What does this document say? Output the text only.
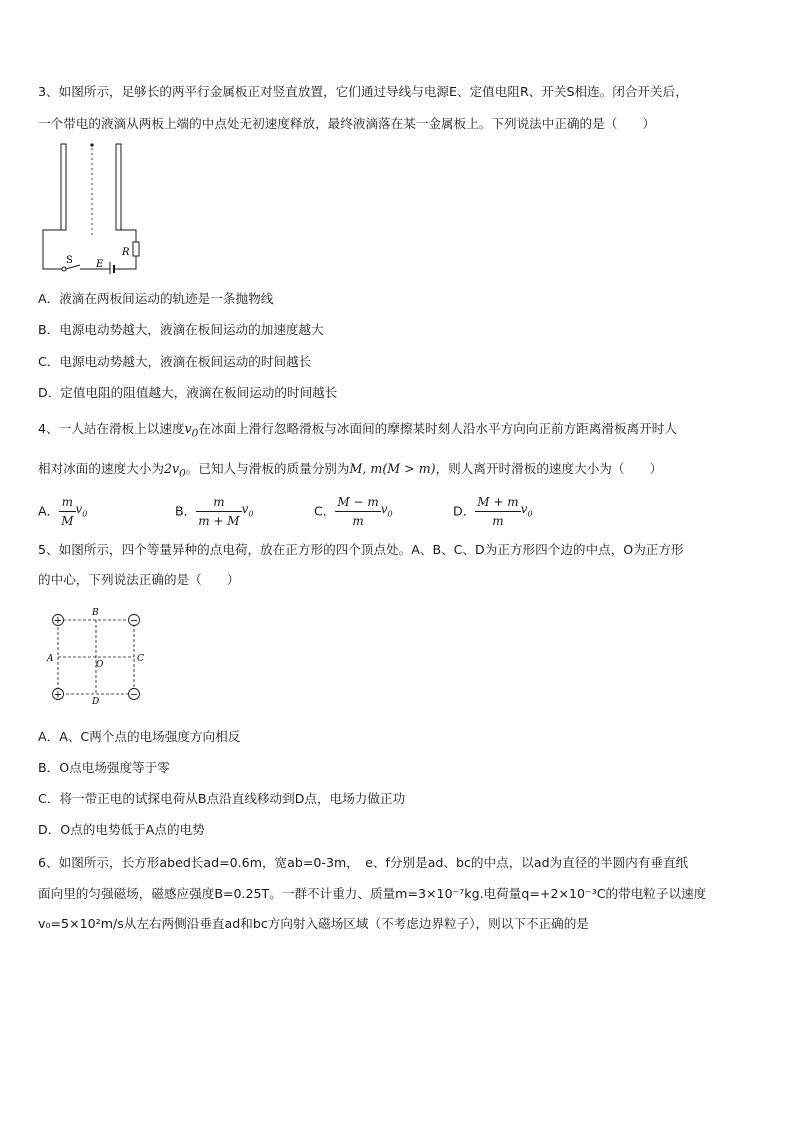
3、如图所示，足够长的两平行金属板正对竖直放置，它们通过导线与电源E、定值电阻R、开关S相连。闭合开关后，
一个带电的液滴从两板上端的中点处无初速度释放，最终液滴落在某一金属板上。下列说法中正确的是（　　）
S E
R
A．液滴在两板间运动的轨迹是一条抛物线
B．电源电动势越大，液滴在板间运动的加速度越大
C．电源电动势越大，液滴在板间运动的时间越长
D．定值电阻的阻值越大，液滴在板间运动的时间越长
4、一人站在滑板上以速度$v_0$在冰面上滑行忽略滑板与冰面间的摩擦某时刻人沿水平方向向正前方距离滑板离开时人
相对冰面的速度大小为$2v_0$。已知人与滑板的质量分别为M, m(M > m)，则人离开时滑板的速度大小为（　　）
A． $\frac{m}{M} v_0$	B． $\frac{m}{m + M} v_0$	C． $\frac{M - m}{m} v_0$	D． $\frac{M + m}{m} v_0$
5、如图所示，四个等量异种的点电荷，放在正方形的四个顶点处。A、B、C、D为正方形四个边的中点，O为正方形
的中心，下列说法正确的是（　　）
+	−
+	−
B
A	C
D
O
A．A、C两个点的电场强度方向相反
B．O点电场强度等于零
C．将一带正电的试探电荷从B点沿直线移动到D点，电场力做正功
D．O点的电势低于A点的电势
6、如图所示，长方形abed长ad=0.6m，宽ab=0-3m，　e、f分别是ad、bc的中点，以ad为直径的半圆内有垂直纸
面向里的匀强磁场，磁感应强度B=0.25T。一群不计重力、质量m=3×10⁻⁷kg.电荷量q=+2×10⁻³C的带电粒子以速度
v₀=5×10²m/s从左右两侧沿垂直ad和bc方向射入磁场区域（不考虑边界粒子），则以下不正确的是
